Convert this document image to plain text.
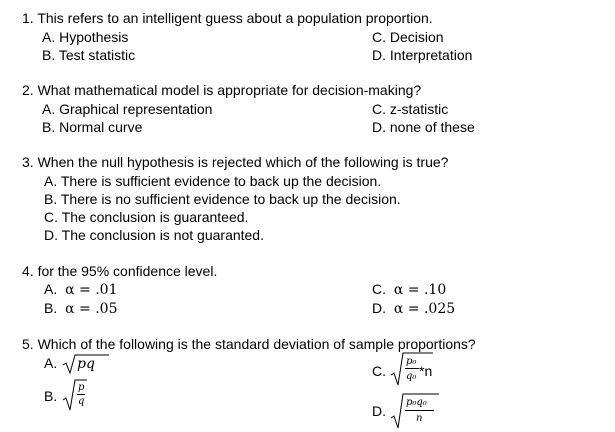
1. This refers to an intelligent guess about a population proportion.
A. Hypothesis	C. Decision
B. Test statistic	D. Interpretation
2. What mathematical model is appropriate for decision-making?
A. Graphical representation	C. z-statistic
B. Normal curve	D. none of these
3. When the null hypothesis is rejected which of the following is true?
A. There is sufficient evidence to back up the decision.
B. There is no sufficient evidence to back up the decision.
C. The conclusion is guaranteed.
D. The conclusion is not guaranted.
4. for the 95% confidence level.
A. α = .01	C. α = .10
B. α = .05	D. α = .025
5. Which of the following is the standard deviation of sample proportions?
A. pq
B.
p
q
C.
p₀
q₀ *n
D.
p₀q₀
n
